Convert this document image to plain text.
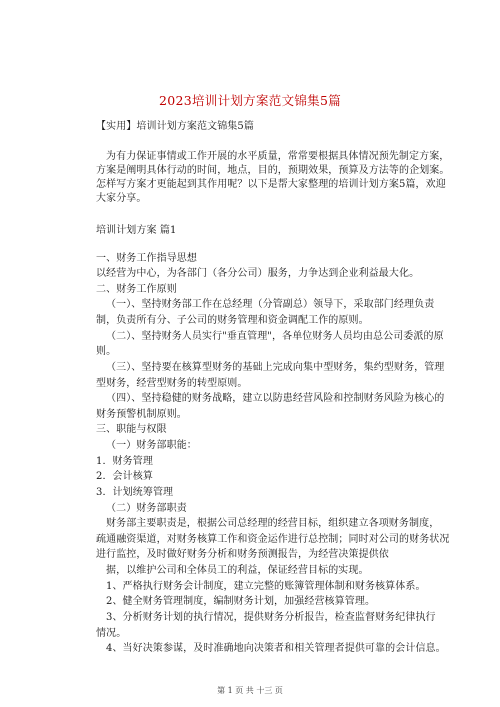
2023培训计划方案范文锦集5篇
【实用】培训计划方案范文锦集5篇
为有力保证事情或工作开展的水平质量，常常要根据具体情况预先制定方案，
方案是阐明具体行动的时间，地点，目的，预期效果，预算及方法等的企划案。
怎样写方案才更能起到其作用呢？以下是帮大家整理的培训计划方案5篇，欢迎
大家分享。
培训计划方案 篇1
一、财务工作指导思想
以经营为中心，为各部门（各分公司）服务，力争达到企业利益最大化。
二、财务工作原则
（一）、坚持财务部工作在总经理（分管副总）领导下，采取部门经理负责
制，负责所有分、子公司的财务管理和资金调配工作的原则。
（二）、坚持财务人员实行"垂直管理"，各单位财务人员均由总公司委派的原
则。
（三）、坚持要在核算型财务的基础上完成向集中型财务，集约型财务，管理
型财务，经营型财务的转型原则。
（四）、坚持稳健的财务战略，建立以防患经营风险和控制财务风险为核心的
财务预警机制原则。
三、职能与权限
（一）财务部职能：
1．财务管理
2．会计核算
3．计划统筹管理
（二）财务部职责
财务部主要职责是，根据公司总经理的经营目标，组织建立各项财务制度，
疏通融资渠道，对财务核算工作和资金运作进行总控制；同时对公司的财务状况
进行监控，及时做好财务分析和财务预测报告，为经营决策提供依
据，以维护公司和全体员工的利益，保证经营目标的实现。
1、严格执行财务会计制度，建立完整的账簿管理体制和财务核算体系。
2、健全财务管理制度，编制财务计划，加强经营核算管理。
3、分析财务计划的执行情况，提供财务分析报告，检查监督财务纪律执行
情况。
4、当好决策参谋，及时准确地向决策者和相关管理者提供可靠的会计信息。
第 1 页 共 十三 页
